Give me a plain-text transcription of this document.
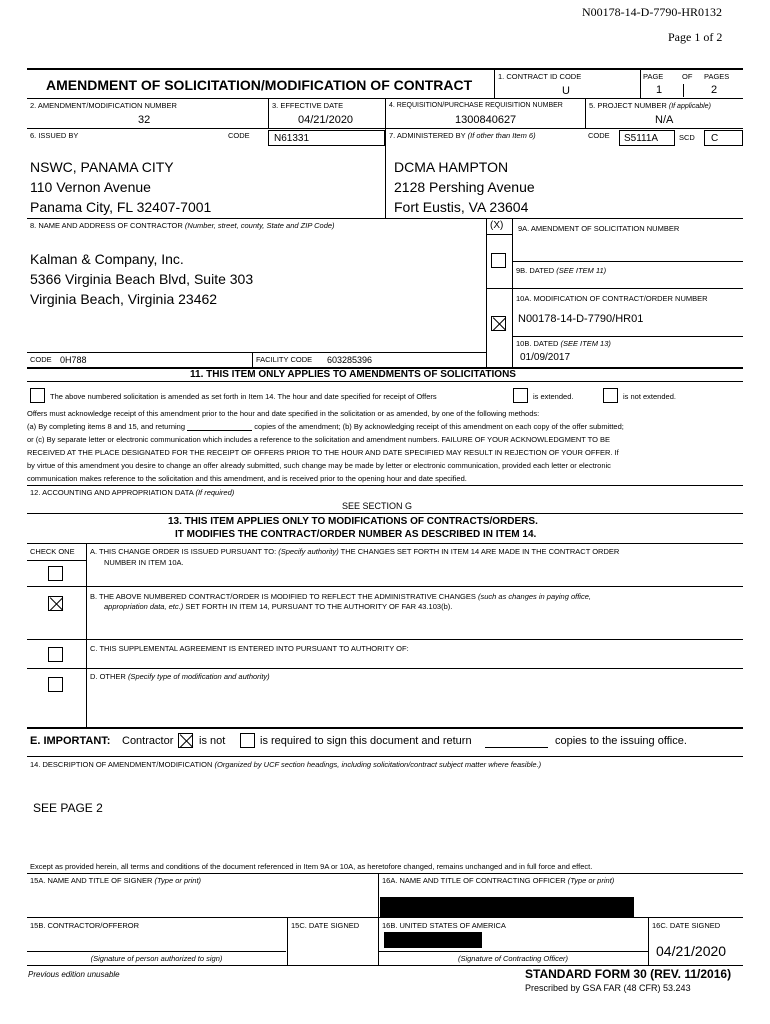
N00178-14-D-7790-HR0132
Page 1 of 2
AMENDMENT OF SOLICITATION/MODIFICATION OF CONTRACT
1. CONTRACT ID CODE
U
PAGE OF PAGES
1	2
2. AMENDMENT/MODIFICATION NUMBER
32
3. EFFECTIVE DATE
04/21/2020
4. REQUISITION/PURCHASE REQUISITION NUMBER
1300840627
5. PROJECT NUMBER (If applicable)
N/A
6. ISSUED BY	CODE N61331	7. ADMINISTERED BY (If other than Item 6)	CODE S5111A	SCD C
NSWC, PANAMA CITY
110 Vernon Avenue
Panama City, FL 32407-7001
DCMA HAMPTON
2128 Pershing Avenue
Fort Eustis, VA 23604
8. NAME AND ADDRESS OF CONTRACTOR (Number, street, county, State and ZIP Code)	(X) 9A. AMENDMENT OF SOLICITATION NUMBER
9B. DATED (SEE ITEM 11)
10A. MODIFICATION OF CONTRACT/ORDER NUMBER
N00178-14-D-7790/HR01
10B. DATED (SEE ITEM 13)
01/09/2017
Kalman & Company, Inc.
5366 Virginia Beach Blvd, Suite 303
Virginia Beach, Virginia 23462
CODE 0H788	FACILITY CODE 603285396
11. THIS ITEM ONLY APPLIES TO AMENDMENTS OF SOLICITATIONS
The above numbered solicitation is amended as set forth in Item 14. The hour and date specified for receipt of Offers	is extended.	is not extended.
Offers must acknowledge receipt of this amendment prior to the hour and date specified in the solicitation or as amended, by one of the following methods:
(a) By completing items 8 and 15, and returning	copies of the amendment; (b) By acknowledging receipt of this amendment on each copy of the offer submitted;
or (c) By separate letter or electronic communication which includes a reference to the solicitation and amendment numbers. FAILURE OF YOUR ACKNOWLEDGMENT TO BE
RECEIVED AT THE PLACE DESIGNATED FOR THE RECEIPT OF OFFERS PRIOR TO THE HOUR AND DATE SPECIFIED MAY RESULT IN REJECTION OF YOUR OFFER. If
by virtue of this amendment you desire to change an offer already submitted, such change may be made by letter or electronic communication, provided each letter or electronic
communication makes reference to the solicitation and this amendment, and is received prior to the opening hour and date specified.
12. ACCOUNTING AND APPROPRIATION DATA (If required)
SEE SECTION G
13. THIS ITEM APPLIES ONLY TO MODIFICATIONS OF CONTRACTS/ORDERS.
IT MODIFIES THE CONTRACT/ORDER NUMBER AS DESCRIBED IN ITEM 14.
CHECK ONE A. THIS CHANGE ORDER IS ISSUED PURSUANT TO: (Specify authority) THE CHANGES SET FORTH IN ITEM 14 ARE MADE IN THE CONTRACT ORDER
NUMBER IN ITEM 10A.
B. THE ABOVE NUMBERED CONTRACT/ORDER IS MODIFIED TO REFLECT THE ADMINISTRATIVE CHANGES (such as changes in paying office,
appropriation data, etc.) SET FORTH IN ITEM 14, PURSUANT TO THE AUTHORITY OF FAR 43.103(b).
C. THIS SUPPLEMENTAL AGREEMENT IS ENTERED INTO PURSUANT TO AUTHORITY OF:
D. OTHER (Specify type of modification and authority)
E. IMPORTANT: Contractor is not	is required to sign this document and return	copies to the issuing office.
14. DESCRIPTION OF AMENDMENT/MODIFICATION (Organized by UCF section headings, including solicitation/contract subject matter where feasible.)
SEE PAGE 2
Except as provided herein, all terms and conditions of the document referenced in Item 9A or 10A, as heretofore changed, remains unchanged and in full force and effect.
15A. NAME AND TITLE OF SIGNER (Type or print)	16A. NAME AND TITLE OF CONTRACTING OFFICER (Type or print)
15B. CONTRACTOR/OFFEROR	15C. DATE SIGNED	16B. UNITED STATES OF AMERICA	16C. DATE SIGNED
04/21/2020
(Signature of person authorized to sign)	(Signature of Contracting Officer)
Previous edition unusable	STANDARD FORM 30 (REV. 11/2016)
Prescribed by GSA FAR (48 CFR) 53.243
